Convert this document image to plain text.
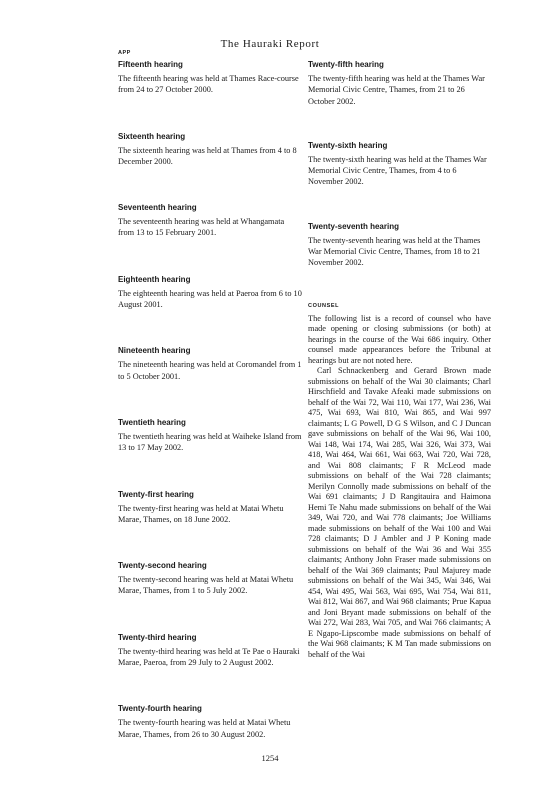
The Hauraki Report
APP
Fifteenth hearing

The fifteenth hearing was held at Thames Race-course from 24 to 27 October 2000.

Sixteenth hearing

The sixteenth hearing was held at Thames from 4 to 8 December 2000.

Seventeenth hearing

The seventeenth hearing was held at Whangamata from 13 to 15 February 2001.

Eighteenth hearing

The eighteenth hearing was held at Paeroa from 6 to 10 August 2001.

Nineteenth hearing

The nineteenth hearing was held at Coromandel from 1 to 5 October 2001.

Twentieth hearing

The twentieth hearing was held at Waiheke Island from 13 to 17 May 2002.

Twenty-first hearing

The twenty-first hearing was held at Matai Whetu Marae, Thames, on 18 June 2002.

Twenty-second hearing

The twenty-second hearing was held at Matai Whetu Marae, Thames, from 1 to 5 July 2002.

Twenty-third hearing

The twenty-third hearing was held at Te Pae o Hauraki Marae, Paeroa, from 29 July to 2 August 2002.

Twenty-fourth hearing

The twenty-fourth hearing was held at Matai Whetu Marae, Thames, from 26 to 30 August 2002.

Twenty-fifth hearing

The twenty-fifth hearing was held at the Thames War Memorial Civic Centre, Thames, from 21 to 26 October 2002.

Twenty-sixth hearing

The twenty-sixth hearing was held at the Thames War Memorial Civic Centre, Thames, from 4 to 6 November 2002.

Twenty-seventh hearing

The twenty-seventh hearing was held at the Thames War Memorial Civic Centre, Thames, from 18 to 21 November 2002.

COUNSEL

The following list is a record of counsel who have made opening or closing submissions (or both) at hearings in the course of the Wai 686 inquiry. Other counsel made appearances before the Tribunal at hearings but are not noted here.

Carl Schnackenberg and Gerard Brown made submissions on behalf of the Wai 30 claimants; Charl Hirschfield and Tavake Afeaki made submissions on behalf of the Wai 72, Wai 110, Wai 177, Wai 236, Wai 475, Wai 693, Wai 810, Wai 865, and Wai 997 claimants; L G Powell, D G S Wilson, and C J Duncan gave submissions on behalf of the Wai 96, Wai 100, Wai 148, Wai 174, Wai 285, Wai 326, Wai 373, Wai 418, Wai 464, Wai 661, Wai 663, Wai 720, Wai 728, and Wai 808 claimants; F R McLeod made submissions on behalf of the Wai 728 claimants; Merilyn Connolly made submissions on behalf of the Wai 691 claimants; J D Rangitauira and Haimona Hemi Te Nahu made submissions on behalf of the Wai 349, Wai 720, and Wai 778 claimants; Joe Williams made submissions on behalf of the Wai 100 and Wai 728 claimants; D J Ambler and J P Koning made submissions on behalf of the Wai 36 and Wai 355 claimants; Anthony John Fraser made submissions on behalf of the Wai 369 claimants; Paul Majurey made submissions on behalf of the Wai 345, Wai 346, Wai 454, Wai 495, Wai 563, Wai 695, Wai 754, Wai 811, Wai 812, Wai 867, and Wai 968 claimants; Prue Kapua and Joni Bryant made submissions on behalf of the Wai 272, Wai 283, Wai 705, and Wai 766 claimants; A E Ngapo-Lipscombe made submissions on behalf of the Wai 968 claimants; K M Tan made submissions on behalf of the Wai

1254
